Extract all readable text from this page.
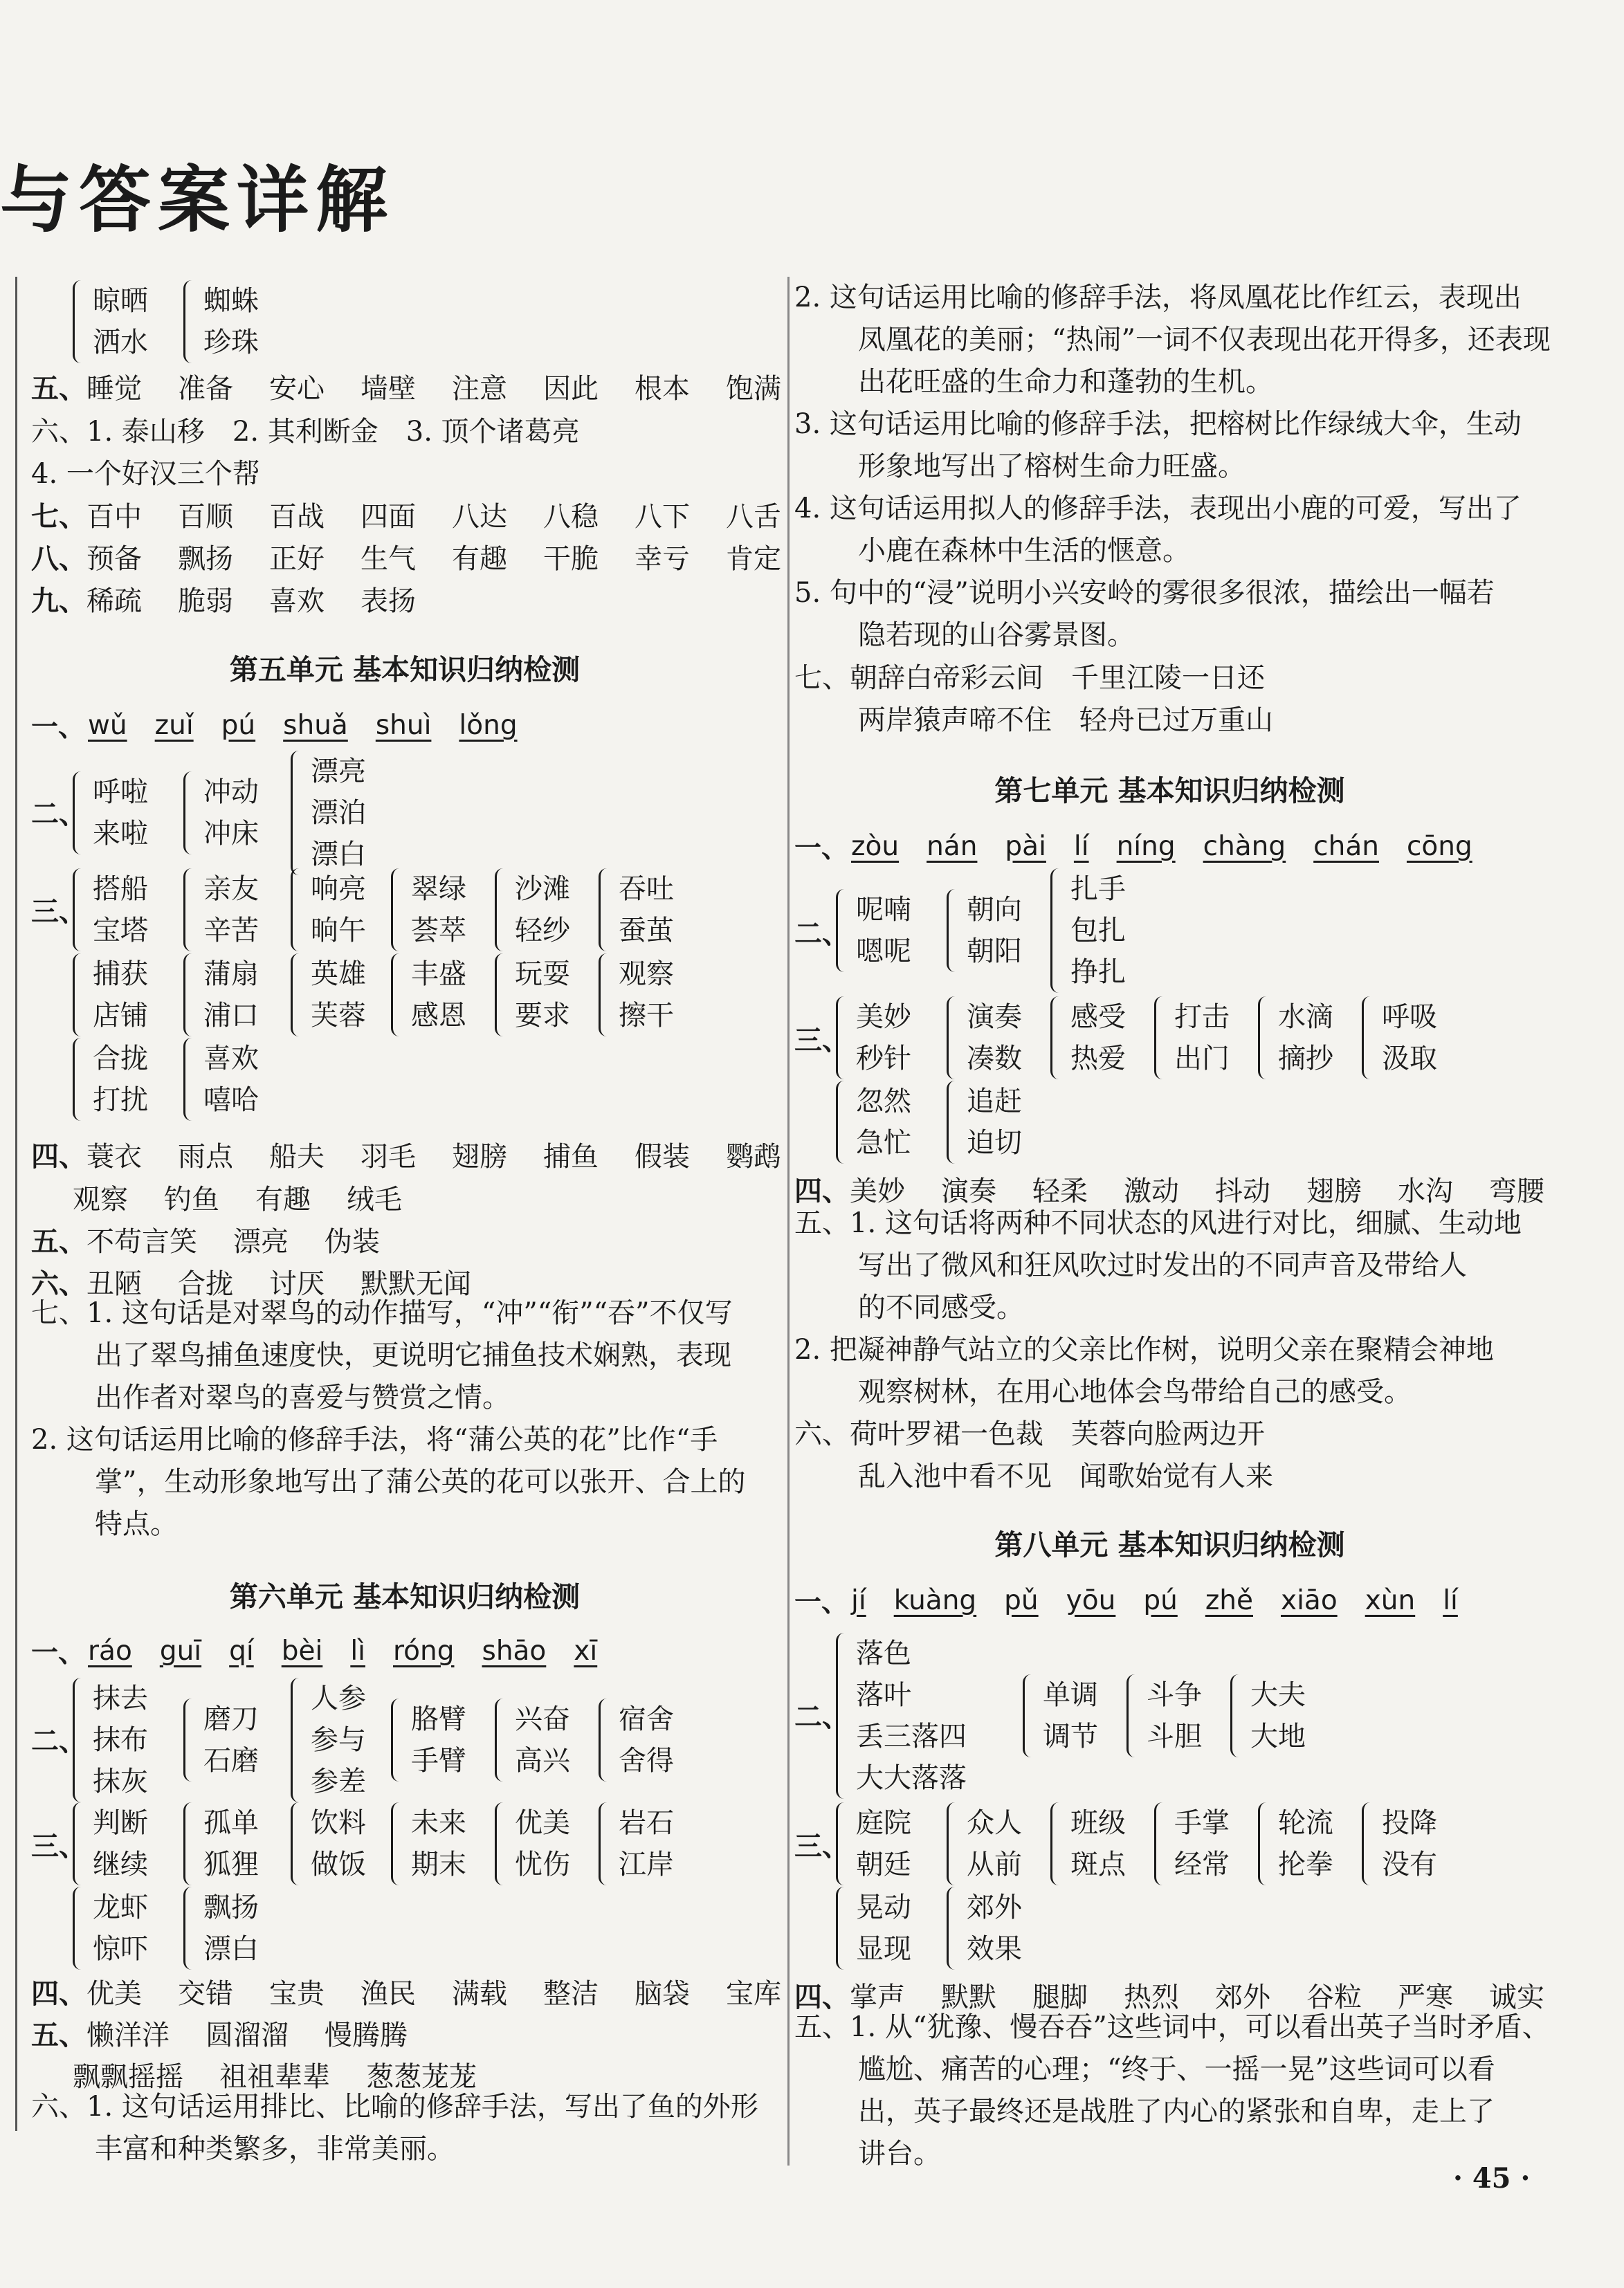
与答案详解
晾晒
洒水
蜘蛛
珍珠
五、 睡觉 准备 安心 墙壁 注意 因此 根本 饱满
六、1. 泰山移　2. 其利断金　3. 顶个诸葛亮
4. 一个好汉三个帮
七、 百中 百顺 百战 四面 八达 八稳 八下 八舌
八、 预备 飘扬 正好 生气 有趣 干脆 幸亏 肯定
九、 稀疏 脆弱 喜欢 表扬
第五单元 基本知识归纳检测
一、 wǔ zuǐ pú shuǎ shuì lǒng
二、
呼啦
来啦
冲动
冲床
漂亮
漂泊
漂白
三、
搭船
宝塔
亲友
辛苦
响亮
晌午
翠绿
荟萃
沙滩
轻纱
吞吐
蚕茧
捕获
店铺
蒲扇
浦口
英雄
芙蓉
丰盛
感恩
玩耍
要求
观察
擦干
合拢
打扰
喜欢
嘻哈
四、 蓑衣 雨点 船夫 羽毛 翅膀 捕鱼 假装 鹦鹉
观察 钓鱼 有趣 绒毛
五、 不苟言笑 漂亮 伪装
六、 丑陋 合拢 讨厌 默默无闻
七、1. 这句话是对翠鸟的动作描写，“冲”“衔”“吞”不仅写
出了翠鸟捕鱼速度快，更说明它捕鱼技术娴熟，表现
出作者对翠鸟的喜爱与赞赏之情。
2. 这句话运用比喻的修辞手法，将“蒲公英的花”比作“手
掌”，生动形象地写出了蒲公英的花可以张开、合上的
特点。
第六单元 基本知识归纳检测
一、 ráo guī qí bèi lì róng shāo xī
二、
抹去
抹布
抹灰
磨刀
石磨
人参
参与
参差
胳臂
手臂
兴奋
高兴
宿舍
舍得
三、
判断
继续
孤单
狐狸
饮料
做饭
未来
期末
优美
忧伤
岩石
江岸
龙虾
惊吓
飘扬
漂白
四、 优美 交错 宝贵 渔民 满载 整洁 脑袋 宝库
五、 懒洋洋 圆溜溜 慢腾腾
飘飘摇摇 祖祖辈辈 葱葱茏茏
六、1. 这句话运用排比、比喻的修辞手法，写出了鱼的外形
丰富和种类繁多，非常美丽。
2. 这句话运用比喻的修辞手法，将凤凰花比作红云，表现出
凤凰花的美丽；“热闹”一词不仅表现出花开得多，还表现
出花旺盛的生命力和蓬勃的生机。
3. 这句话运用比喻的修辞手法，把榕树比作绿绒大伞，生动
形象地写出了榕树生命力旺盛。
4. 这句话运用拟人的修辞手法，表现出小鹿的可爱，写出了
小鹿在森林中生活的惬意。
5. 句中的“浸”说明小兴安岭的雾很多很浓，描绘出一幅若
隐若现的山谷雾景图。
七、朝辞白帝彩云间　千里江陵一日还
两岸猿声啼不住　轻舟已过万重山
第七单元 基本知识归纳检测
一、 zòu nán pài lí níng chàng chán cōng
二、
呢喃
嗯呢
朝向
朝阳
扎手
包扎
挣扎
三、
美妙
秒针
演奏
凑数
感受
热爱
打击
出门
水滴
摘抄
呼吸
汲取
忽然
急忙
追赶
迫切
四、 美妙 演奏 轻柔 激动 抖动 翅膀 水沟 弯腰
五、1. 这句话将两种不同状态的风进行对比，细腻、生动地
写出了微风和狂风吹过时发出的不同声音及带给人
的不同感受。
2. 把凝神静气站立的父亲比作树，说明父亲在聚精会神地
观察树林，在用心地体会鸟带给自己的感受。
六、荷叶罗裙一色裁　芙蓉向脸两边开
乱入池中看不见　闻歌始觉有人来
第八单元 基本知识归纳检测
一、 jí kuàng pǔ yōu pú zhě xiāo xùn lí
二、
落色
落叶
丢三落四
大大落落
单调
调节
斗争
斗胆
大夫
大地
三、
庭院
朝廷
众人
从前
班级
斑点
手掌
经常
轮流
抡拳
投降
没有
晃动
显现
郊外
效果
四、 掌声 默默 腿脚 热烈 郊外 谷粒 严寒 诚实
五、1. 从“犹豫、慢吞吞”这些词中，可以看出英子当时矛盾、
尴尬、痛苦的心理；“终于、一摇一晃”这些词可以看
出，英子最终还是战胜了内心的紧张和自卑，走上了
讲台。
· 45 ·
